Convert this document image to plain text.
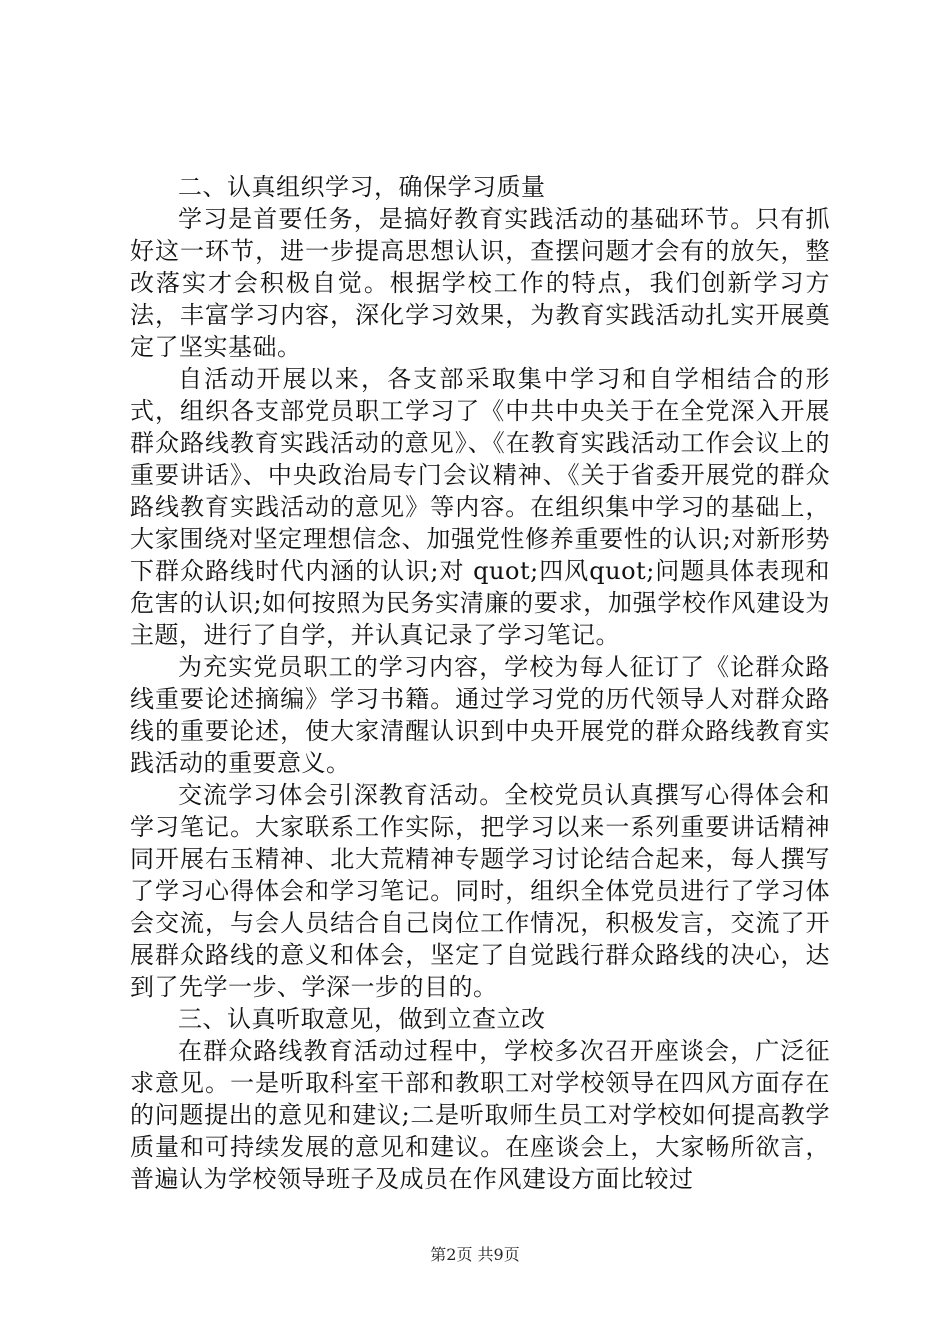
二、认真组织学习，确保学习质量

学习是首要任务，是搞好教育实践活动的基础环节。只有抓好这一环节，进一步提高思想认识，查摆问题才会有的放矢，整改落实才会积极自觉。根据学校工作的特点，我们创新学习方法，丰富学习内容，深化学习效果，为教育实践活动扎实开展奠定了坚实基础。

自活动开展以来，各支部采取集中学习和自学相结合的形式，组织各支部党员职工学习了《中共中央关于在全党深入开展群众路线教育实践活动的意见》、《在教育实践活动工作会议上的重要讲话》、中央政治局专门会议精神、《关于省委开展党的群众路线教育实践活动的意见》等内容。在组织集中学习的基础上，大家围绕对坚定理想信念、加强党性修养重要性的认识;对新形势下群众路线时代内涵的认识;对 quot;四风quot;问题具体表现和危害的认识;如何按照为民务实清廉的要求，加强学校作风建设为主题，进行了自学，并认真记录了学习笔记。

为充实党员职工的学习内容，学校为每人征订了《论群众路线重要论述摘编》学习书籍。通过学习党的历代领导人对群众路线的重要论述，使大家清醒认识到中央开展党的群众路线教育实践活动的重要意义。

交流学习体会引深教育活动。全校党员认真撰写心得体会和学习笔记。大家联系工作实际，把学习以来一系列重要讲话精神同开展右玉精神、北大荒精神专题学习讨论结合起来，每人撰写了学习心得体会和学习笔记。同时，组织全体党员进行了学习体会交流，与会人员结合自己岗位工作情况，积极发言，交流了开展群众路线的意义和体会，坚定了自觉践行群众路线的决心，达到了先学一步、学深一步的目的。

三、认真听取意见，做到立查立改

在群众路线教育活动过程中，学校多次召开座谈会，广泛征求意见。一是听取科室干部和教职工对学校领导在四风方面存在的问题提出的意见和建议;二是听取师生员工对学校如何提高教学质量和可持续发展的意见和建议。在座谈会上，大家畅所欲言，普遍认为学校领导班子及成员在作风建设方面比较过

第2页 共9页
